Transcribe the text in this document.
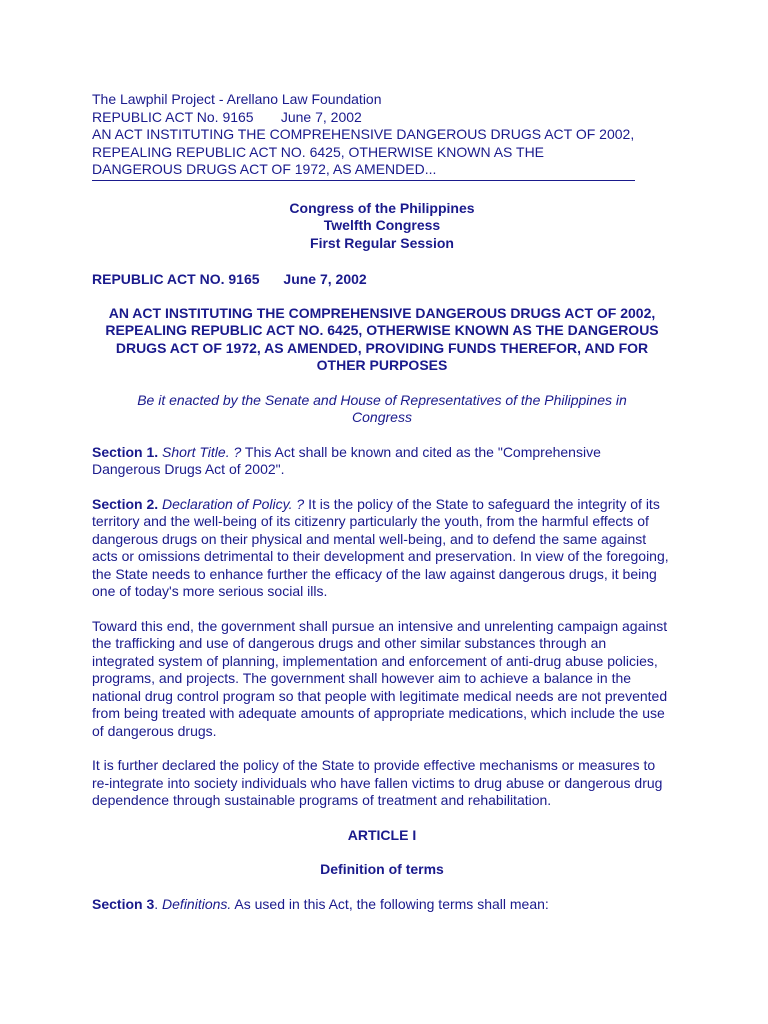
The Lawphil Project - Arellano Law Foundation
REPUBLIC ACT No. 9165 June 7, 2002
AN ACT INSTITUTING THE COMPREHENSIVE DANGEROUS DRUGS ACT OF 2002, REPEALING REPUBLIC ACT NO. 6425, OTHERWISE KNOWN AS THE DANGEROUS DRUGS ACT OF 1972, AS AMENDED...
Congress of the Philippines
Twelfth Congress
First Regular Session
REPUBLIC ACT NO. 9165 June 7, 2002
AN ACT INSTITUTING THE COMPREHENSIVE DANGEROUS DRUGS ACT OF 2002, REPEALING REPUBLIC ACT NO. 6425, OTHERWISE KNOWN AS THE DANGEROUS DRUGS ACT OF 1972, AS AMENDED, PROVIDING FUNDS THEREFOR, AND FOR OTHER PURPOSES
Be it enacted by the Senate and House of Representatives of the Philippines in Congress

Section 1. Short Title. ? This Act shall be known and cited as the "Comprehensive Dangerous Drugs Act of 2002".

Section 2. Declaration of Policy. ? It is the policy of the State to safeguard the integrity of its territory and the well-being of its citizenry particularly the youth, from the harmful effects of dangerous drugs on their physical and mental well-being, and to defend the same against acts or omissions detrimental to their development and preservation. In view of the foregoing, the State needs to enhance further the efficacy of the law against dangerous drugs, it being one of today's more serious social ills.

Toward this end, the government shall pursue an intensive and unrelenting campaign against the trafficking and use of dangerous drugs and other similar substances through an integrated system of planning, implementation and enforcement of anti-drug abuse policies, programs, and projects. The government shall however aim to achieve a balance in the national drug control program so that people with legitimate medical needs are not prevented from being treated with adequate amounts of appropriate medications, which include the use of dangerous drugs.

It is further declared the policy of the State to provide effective mechanisms or measures to re-integrate into society individuals who have fallen victims to drug abuse or dangerous drug dependence through sustainable programs of treatment and rehabilitation.

ARTICLE I
Definition of terms

Section 3. Definitions. As used in this Act, the following terms shall mean:
